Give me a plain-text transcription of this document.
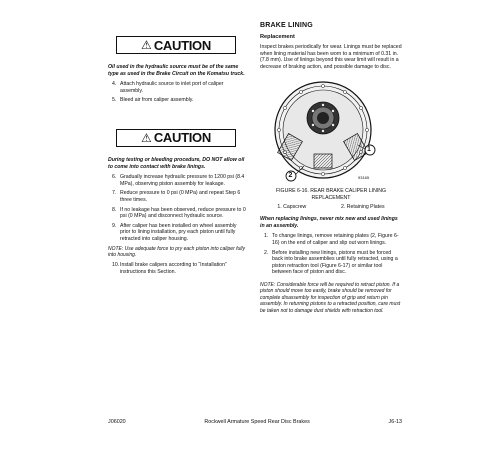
⚠ CAUTION

Oil used in the hydraulic source must be of the same type as used in the Brake Circuit on the Komatsu truck.

4. Attach hydraulic source to inlet port of caliper assembly.
5. Bleed air from caliper assembly.
⚠ CAUTION

During testing or bleeding procedure, DO NOT allow oil to come into contact with brake linings.

6. Gradually increase hydraulic pressure to 1200 psi (8.4 MPa), observing piston assembly for leakage.
7. Reduce pressure to 0 psi (0 MPa) and repeat Step 6 three times.
8. If no leakage has been observed, reduce pressure to 0 psi (0 MPa) and disconnect hydraulic source.
9. After caliper has been installed on wheel assembly prior to lining installation, pry each piston until fully retracted into caliper housing.

NOTE: Use adequate force to pry each piston into caliper fully into housing.

10. Install brake calipers according to “Installation” instructions this Section.
BRAKE LINING
Replacement

Inspect brakes periodically for wear. Linings must be replaced when lining material has been worn to a minimum of 0.31 in. (7.8 mm). Use of linings beyond this wear limit will result in a decrease of braking action, and possible damage to disc.

1
2	93165
FIGURE 6-16. REAR BRAKE CALIPER LINING REPLACEMENT
1. Capscrew	2. Retaining Plates

When replacing linings, never mix new and used linings in an assembly.

1. To change linings, remove retaining plates (2, Figure 6-16) on the end of caliper and slip out worn linings.
2. Before installing new linings, pistons must be forced back into brake assemblies until fully retracted, using a piston retraction tool (Figure 6-17) or similar tool between face of piston and disc.

NOTE: Considerable force will be required to retract piston. If a piston should move too easily, brake should be removed for complete disassembly for inspection of grip and return pin assembly. In returning pistons to a retracted position, care must be taken not to damage dust shields with retraction tool.

J06020	Rockwell Armature Speed Rear Disc Brakes	J6-13
